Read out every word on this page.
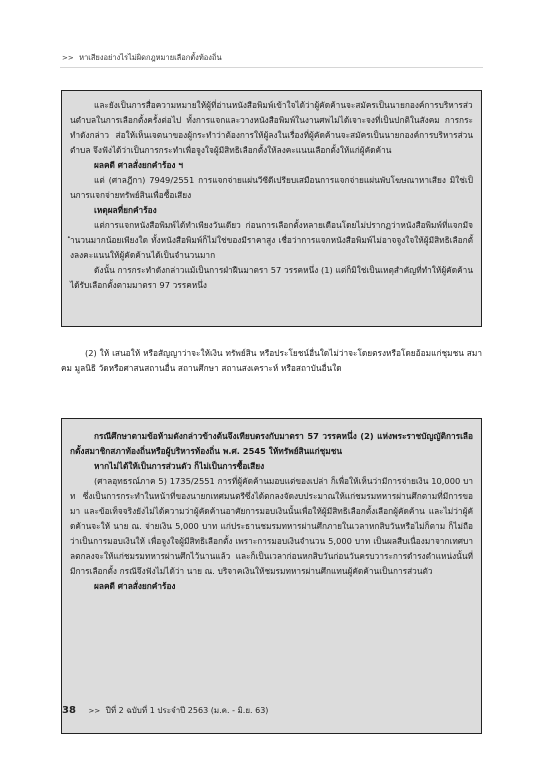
>> หาเสียงอย่างไรไม่ผิดกฎหมายเลือกตั้งท้องถิ่น

และยังเป็นการสื่อความหมายให้ผู้ที่อ่านหนังสือพิมพ์เข้าใจได้ว่าผู้คัดค้านจะสมัครเป็นนายกองค์การบริหารส่วนตำบลในการเลือกตั้งครั้งต่อไป ทั้งการแจกและวางหนังสือพิมพ์ในงานศพไม่ได้เจาะจงที่เป็นปกติในสังคม การกระทำดังกล่าว ส่อให้เห็นเจตนาของผู้กระทำว่าต้องการให้ผู้ลงในเรื่องที่ผู้คัดค้านจะสมัครเป็นนายกองค์การบริหารส่วนตำบล จึงฟังได้ว่าเป็นการกระทำเพื่อจูงใจผู้มีสิทธิเลือกตั้งให้ลงคะแนนเลือกตั้งให้แก่ผู้คัดค้าน

ผลคดี ศาลสั่งยกคำร้อง ฯ

แต่ (ศาลฎีกา) 7949/2551 การแจกจ่ายแผ่นวีซีดีเปรียบเสมือนการแจกจ่ายแผ่นพับโฆษณาหาเสียง มิใช่เป็นการแจกจ่ายทรัพย์สินเพื่อซื้อเสียง

เหตุผลที่ยกคำร้อง

แต่การแจกหนังสือพิมพ์ได้ทำเพียงวันเดียว ก่อนการเลือกตั้งหลายเดือนโดยไม่ปรากฏว่าหนังสือพิมพ์ที่แจกมีจำนวนมากน้อยเพียงใด ทั้งหนังสือพิมพ์ก็ไม่ใช่ของมีราคาสูง เชื่อว่าการแจกหนังสือพิมพ์ไม่อาจจูงใจให้ผู้มีสิทธิเลือกตั้งลงคะแนนให้ผู้คัดค้านได้เป็นจำนวนมาก

ดังนั้น การกระทำดังกล่าวแม้เป็นการฝ่าฝืนมาตรา 57 วรรคหนึ่ง (1) แต่ก็มิใช่เป็นเหตุสำคัญที่ทำให้ผู้คัดค้านได้รับเลือกตั้งตามมาตรา 97 วรรคหนึ่ง

(2) ให้ เสนอให้ หรือสัญญาว่าจะให้เงิน ทรัพย์สิน หรือประโยชน์อื่นใดไม่ว่าจะโดยตรงหรือโดยอ้อมแก่ชุมชน สมาคม มูลนิธิ วัดหรือศาสนสถานอื่น สถานศึกษา สถานสงเคราะห์ หรือสถาบันอื่นใด

กรณีศึกษาตามข้อห้ามดังกล่าวข้างต้นจึงเทียบตรงกับมาตรา 57 วรรคหนึ่ง (2) แห่งพระราชบัญญัติการเลือกตั้งสมาชิกสภาท้องถิ่นหรือผู้บริหารท้องถิ่น พ.ศ. 2545 ให้ทรัพย์สินแก่ชุมชน

หากไม่ได้ให้เป็นการส่วนตัว ก็ไม่เป็นการซื้อเสียง

(ศาลอุทธรณ์ภาค 5) 1735/2551 การที่ผู้คัดค้านมอบแต่ของเปล่า ก็เพื่อให้เห็นว่ามีการจ่ายเงิน 10,000 บาท ซึ่งเป็นการกระทำในหน้าที่ของนายกเทศมนตรีซึ่งได้ตกลงจัดงบประมาณให้แก่ชมรมทหารผ่านศึกตามที่มีการขอมา และข้อเท็จจริงยังไม่ได้ความว่าผู้คัดค้านอาศัยการมอบเงินนั้นเพื่อให้ผู้มีสิทธิเลือกตั้งเลือกผู้คัดค้าน และไม่ว่าผู้คัดค้านจะให้ นาย ณ. จ่ายเงิน 5,000 บาท แก่ประธานชมรมทหารผ่านศึกภายในเวลาหกสิบวันหรือไม่ก็ตาม ก็ไม่ถือว่าเป็นการมอบเงินให้ เพื่อจูงใจผู้มีสิทธิเลือกตั้ง เพราะการมอบเงินจำนวน 5,000 บาท เป็นผลสืบเนื่องมาจากเทศบาลตกลงจะให้แก่ชมรมทหารผ่านศึกไว้นานแล้ว และก็เป็นเวลาก่อนหกสิบวันก่อนวันครบวาระการดำรงตำแหน่งนั้นที่มีการเลือกตั้ง กรณีจึงฟังไม่ได้ว่า นาย ณ. บริจาคเงินให้ชมรมทหารผ่านศึกแทนผู้คัดค้านเป็นการส่วนตัว

ผลคดี ศาลสั่งยกคำร้อง

38 >> ปีที่ 2 ฉบับที่ 1 ประจำปี 2563 (ม.ค. - มิ.ย. 63)
